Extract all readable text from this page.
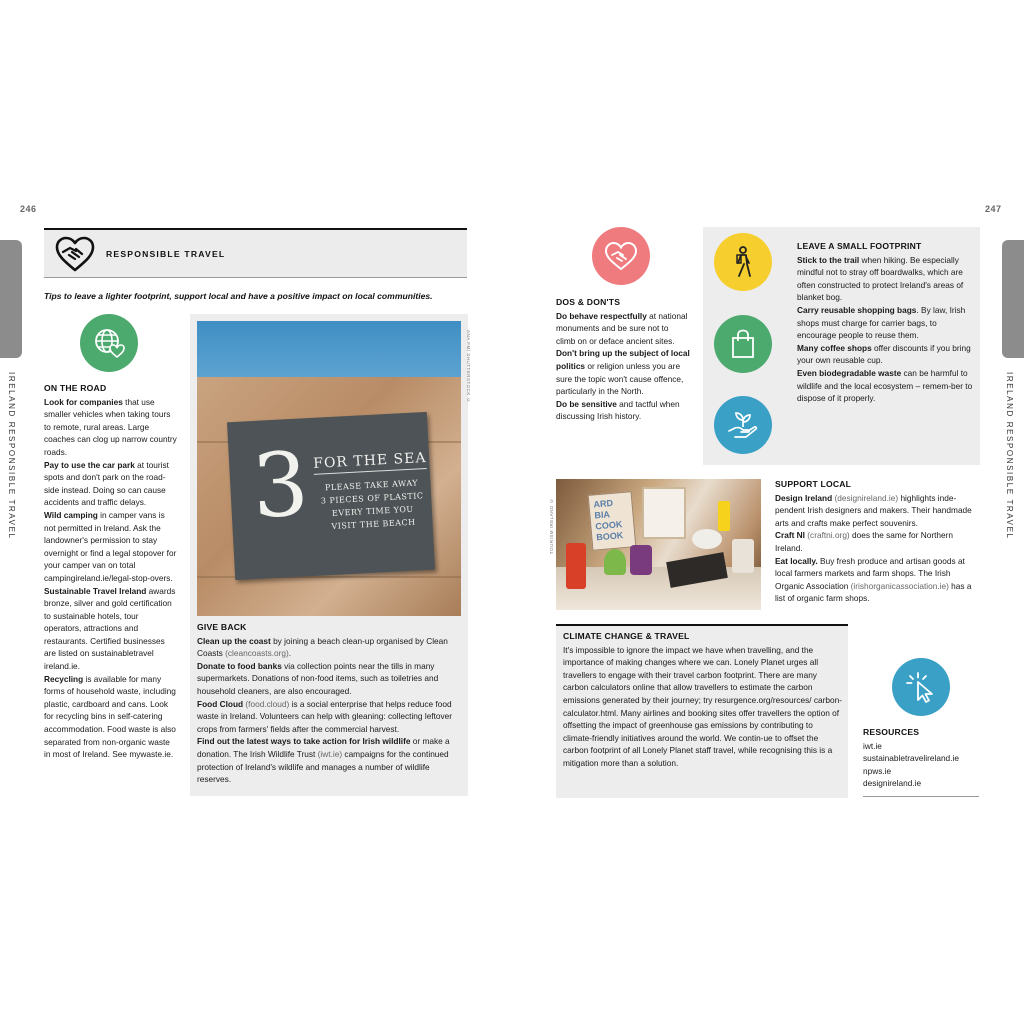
246	247
IRELAND RESPONSIBLE TRAVEL	IRELAND RESPONSIBLE TRAVEL
RESPONSIBLE TRAVEL
Tips to leave a lighter footprint, support local and have a positive impact on local communities.
ON THE ROAD

Look for companies that use smaller vehicles when taking tours to remote, rural areas. Large coaches can clog up narrow country roads.

Pay to use the car park at tourist spots and don't park on the road-side instead. Doing so can cause accidents and traffic delays.

Wild camping in camper vans is not permitted in Ireland. Ask the landowner's permission to stay overnight or find a legal stopover for your camper van on total campingireland.ie/legal-stop-overs.

Sustainable Travel Ireland awards bronze, silver and gold certification to sustainable hotels, tour operators, attractions and restaurants. Certified businesses are listed on sustainabletravel ireland.ie.

Recycling is available for many forms of household waste, including plastic, cardboard and cans. Look for recycling bins in self-catering accommodation. Food waste is also separated from non-organic waste in most of Ireland. See mywaste.ie.

3 FOR THE SEA
PLEASE TAKE AWAY
3 PIECES OF PLASTIC
EVERY TIME YOU
VISIT THE BEACH
ANA FM/ SHUTTERSTOCK ©
GIVE BACK

Clean up the coast by joining a beach clean-up organised by Clean Coasts (cleancoasts.org).

Donate to food banks via collection points near the tills in many supermarkets. Donations of non-food items, such as toiletries and household cleaners, are also encouraged.

Food Cloud (food.cloud) is a social enterprise that helps reduce food waste in Ireland. Volunteers can help with gleaning: collecting leftover crops from farmers' fields after the commercial harvest.

Find out the latest ways to take action for Irish wildlife or make a donation. The Irish Wildlife Trust (iwt.ie) campaigns for the continued protection of Ireland's wildlife and manages a number of wildlife reserves.

DOS & DON'TS

Do behave respectfully at national monuments and be sure not to climb on or deface ancient sites.

Don't bring up the subject of local politics or religion unless you are sure the topic won't cause offence, particularly in the North.

Do be sensitive and tactful when discussing Irish history.

LEAVE A SMALL FOOTPRINT

Stick to the trail when hiking. Be especially mindful not to stray off boardwalks, which are often constructed to protect Ireland's areas of blanket bog.

Carry reusable shopping bags. By law, Irish shops must charge for carrier bags, to encourage people to reuse them.

Many coffee shops offer discounts if you bring your own reusable cup.

Even biodegradable waste can be harmful to wildlife and the local ecosystem – remem-ber to dispose of it properly.

TOURISM IRELAND ©	ARD
BIA
COOK
BOOK
SUPPORT LOCAL

Design Ireland (designireland.ie) highlights inde-pendent Irish designers and makers. Their handmade arts and crafts make perfect souvenirs.

Craft NI (craftni.org) does the same for Northern Ireland.

Eat locally. Buy fresh produce and artisan goods at local farmers markets and farm shops. The Irish Organic Association (irishorganicassociation.ie) has a list of organic farm shops.

CLIMATE CHANGE & TRAVEL

It's impossible to ignore the impact we have when travelling, and the importance of making changes where we can. Lonely Planet urges all travellers to engage with their travel carbon footprint. There are many carbon calculators online that allow travellers to estimate the carbon emissions generated by their journey; try resurgence.org/resources/ carbon-calculator.html. Many airlines and booking sites offer travellers the option of offsetting the impact of greenhouse gas emissions by contributing to climate-friendly initiatives around the world. We contin-ue to offset the carbon footprint of all Lonely Planet staff travel, while recognising this is a mitigation more than a solution.

RESOURCES
iwt.ie
sustainabletravelireland.ie
npws.ie
designireland.ie
